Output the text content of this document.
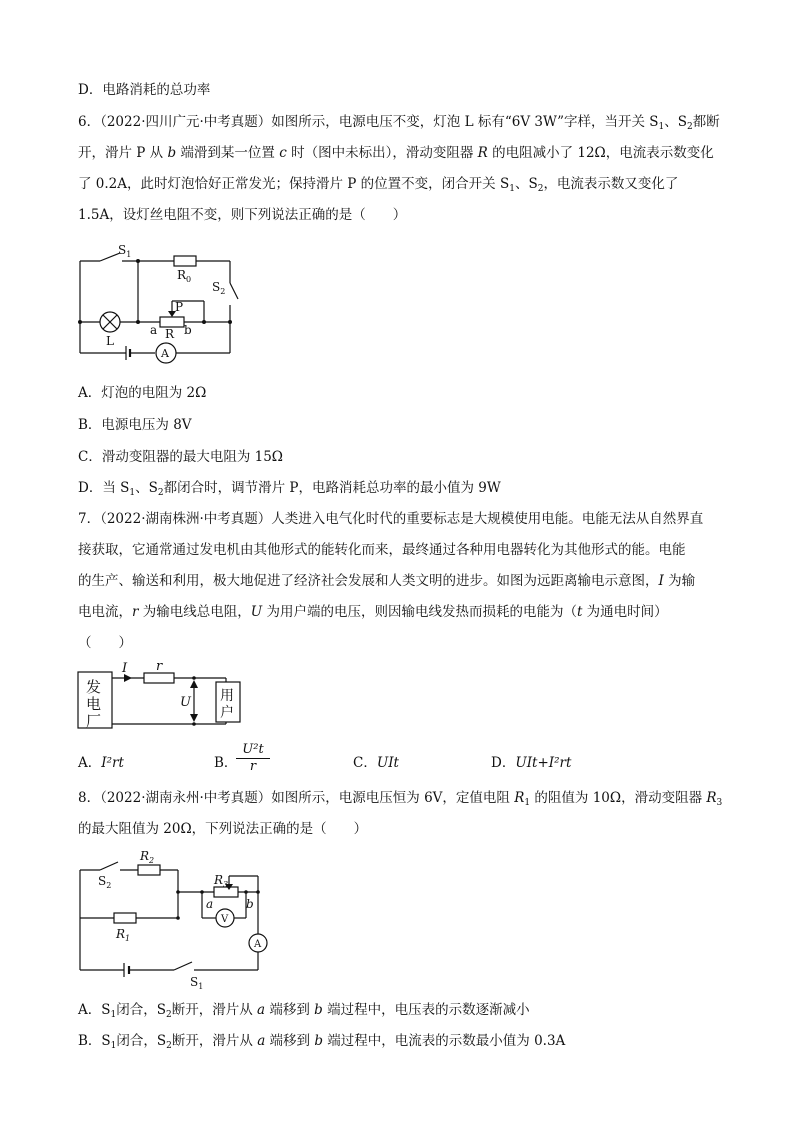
D．电路消耗的总功率
6．（2022·四川广元·中考真题）如图所示，电源电压不变，灯泡 L 标有“6V 3W”字样，当开关 $S_1$、$S_2$都断
开，滑片 P 从 b 端滑到某一位置 c 时（图中未标出），滑动变阻器 R 的电阻减小了 12Ω，电流表示数变化
了 0.2A，此时灯泡恰好正常发光；保持滑片 P 的位置不变，闭合开关 $S_1$、$S_2$，电流表示数又变化了
1.5A，设灯丝电阻不变，则下列说法正确的是（　　）
$S_1$
$R_0$
P
$S_2$
a R b
L
A
A．灯泡的电阻为 2Ω
B．电源电压为 8V
C．滑动变阻器的最大电阻为 15Ω
D．当 $S_1$、$S_2$都闭合时，调节滑片 P，电路消耗总功率的最小值为 9W
7．（2022·湖南株洲·中考真题）人类进入电气化时代的重要标志是大规模使用电能。电能无法从自然界直
接获取，它通常通过发电机由其他形式的能转化而来，最终通过各种用电器转化为其他形式的能。电能
的生产、输送和利用，极大地促进了经济社会发展和人类文明的进步。如图为远距离输电示意图，I 为输
电电流，r 为输电线总电阻，U 为用户端的电压，则因输电线发热而损耗的电能为（t 为通电时间）
（　　）
发
电
厂
用
户
I r
U
A．I²rt	B．
$\frac{\text{U²t}}{r}$	C．UIt	D．UIt+I²rt
8．（2022·湖南永州·中考真题）如图所示，电源电压恒为 6V，定值电阻 $R_1$ 的阻值为 10Ω，滑动变阻器 $R_3$
的最大阻值为 20Ω，下列说法正确的是（　　）
$S_2$
$R_2$
$R_3$
a	b
$R_1$
V
A
$S_1$
A．$S_1$闭合，$S_2$断开，滑片从 a 端移到 b 端过程中，电压表的示数逐渐减小
B．$S_1$闭合，$S_2$断开，滑片从 a 端移到 b 端过程中，电流表的示数最小值为 0.3A
